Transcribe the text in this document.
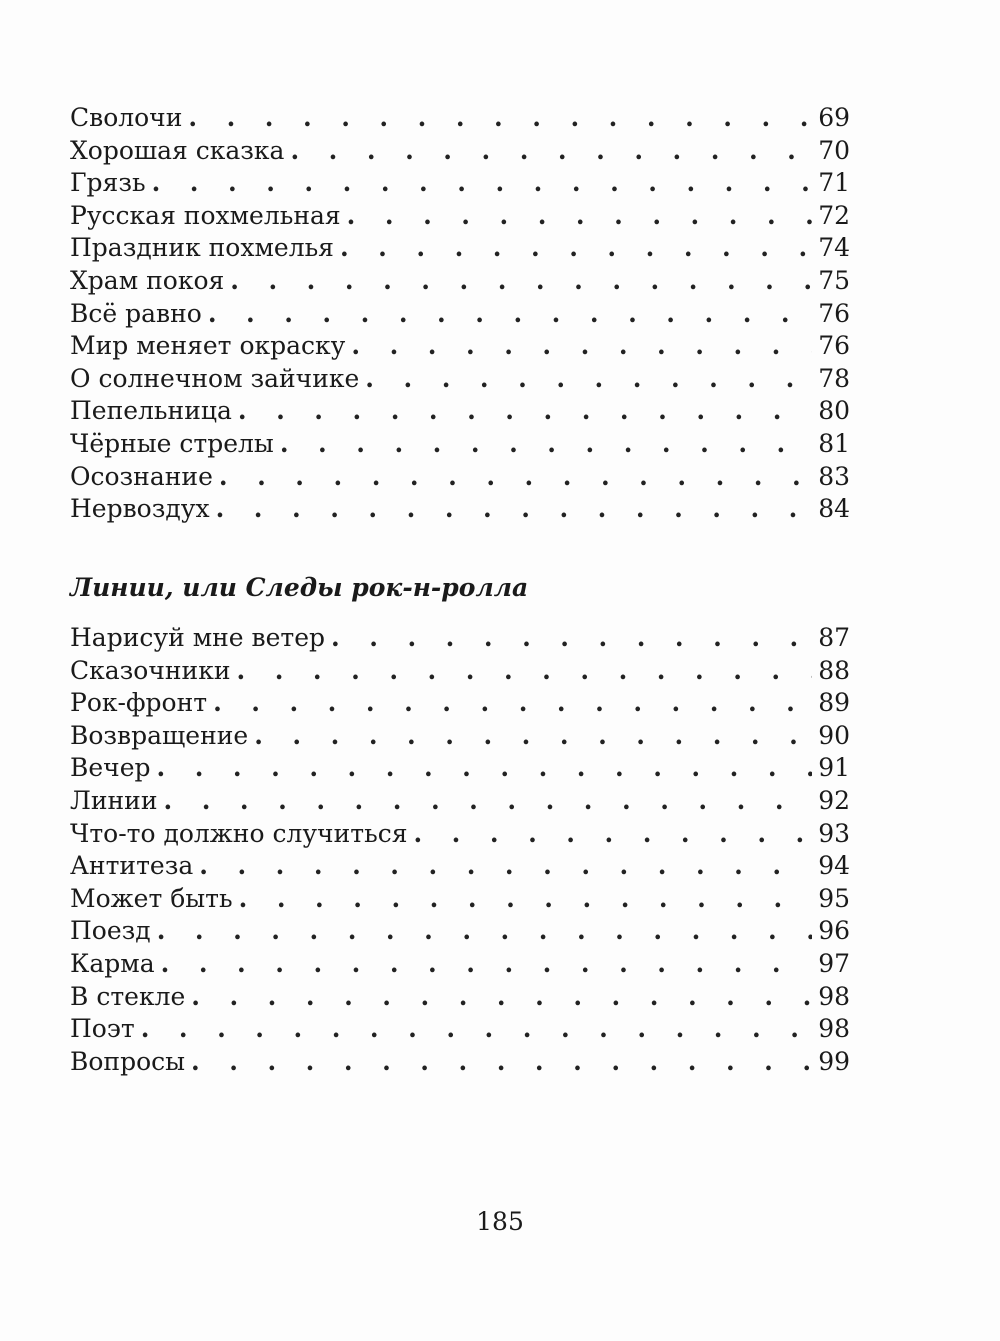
Сволочи . . .	69
Хорошая сказка . . .	70
Грязь . . .	71
Русская похмельная . . .	72
Праздник похмелья . . .	74
Храм покоя . . .	75
Всё равно . . .	76
Мир меняет окраску . . .	76
О солнечном зайчике . . .	78
Пепельница . . .	80
Чёрные стрелы . . .	81
Осознание . . .	83
Нервоздух . . .	84
Линии, или Следы рок-н-ролла
Нарисуй мне ветер . . .	87
Сказочники . . .	88
Рок-фронт . . .	89
Возвращение . . .	90
Вечер . . .	91
Линии . . .	92
Что-то должно случиться . . .	93
Антитеза . . .	94
Может быть . . .	95
Поезд . . .	96
Карма . . .	97
В стекле . . .	98
Поэт . . .	98
Вопросы . . .	99
185
